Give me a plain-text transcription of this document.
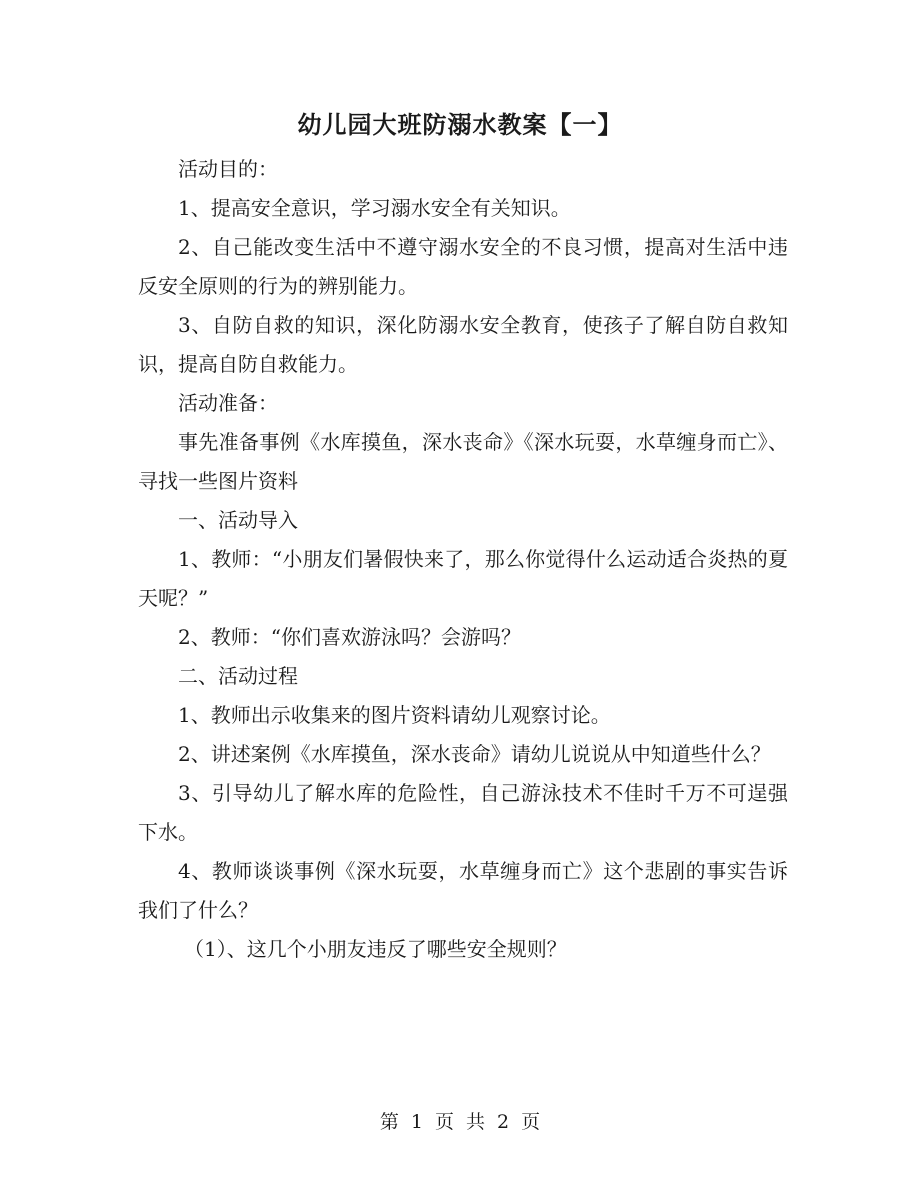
幼儿园大班防溺水教案【一】

活动目的：

1、提高安全意识，学习溺水安全有关知识。

2、自己能改变生活中不遵守溺水安全的不良习惯，提高对生活中违反安全原则的行为的辨别能力。

3、自防自救的知识，深化防溺水安全教育，使孩子了解自防自救知识，提高自防自救能力。

活动准备：

事先准备事例《水库摸鱼，深水丧命》《深水玩耍，水草缠身而亡》、寻找一些图片资料

一、活动导入

1、教师：“小朋友们暑假快来了，那么你觉得什么运动适合炎热的夏天呢？”

2、教师：“你们喜欢游泳吗？会游吗？

二、活动过程

1、教师出示收集来的图片资料请幼儿观察讨论。

2、讲述案例《水库摸鱼，深水丧命》请幼儿说说从中知道些什么？

3、引导幼儿了解水库的危险性，自己游泳技术不佳时千万不可逞强下水。

4、教师谈谈事例《深水玩耍，水草缠身而亡》这个悲剧的事实告诉我们了什么？

（1）、这几个小朋友违反了哪些安全规则？

第 1 页 共 2 页
